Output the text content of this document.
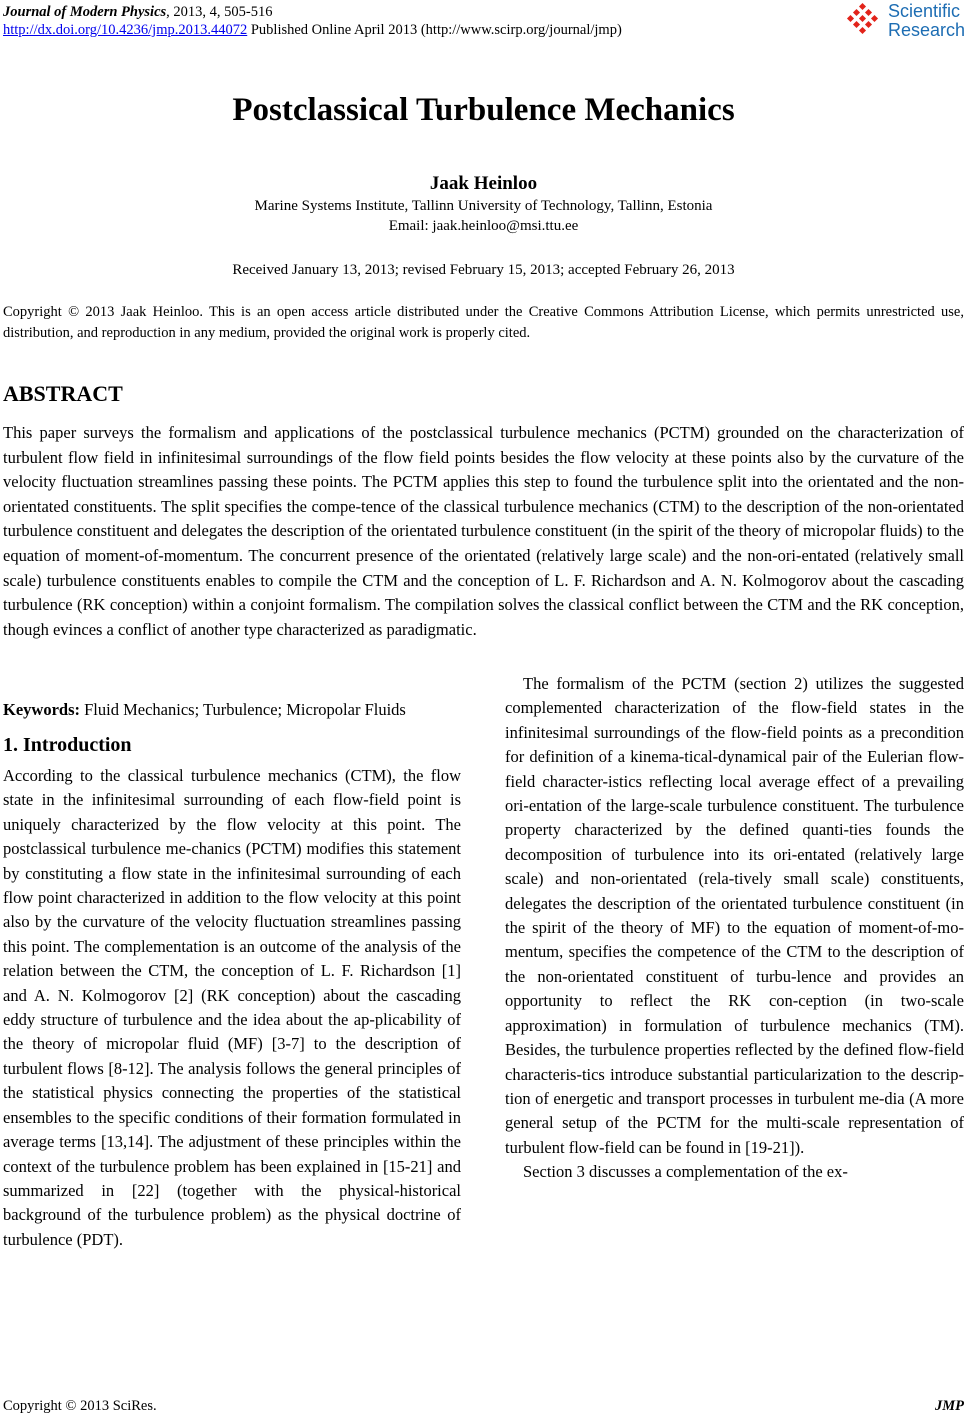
Journal of Modern Physics, 2013, 4, 505-516
http://dx.doi.org/10.4236/jmp.2013.44072 Published Online April 2013 (http://www.scirp.org/journal/jmp)
Scientific
Research
Postclassical Turbulence Mechanics
Jaak Heinloo
Marine Systems Institute, Tallinn University of Technology, Tallinn, Estonia
Email: jaak.heinloo@msi.ttu.ee
Received January 13, 2013; revised February 15, 2013; accepted February 26, 2013
Copyright © 2013 Jaak Heinloo. This is an open access article distributed under the Creative Commons Attribution License, which permits unrestricted use, distribution, and reproduction in any medium, provided the original work is properly cited.
ABSTRACT
This paper surveys the formalism and applications of the postclassical turbulence mechanics (PCTM) grounded on the characterization of turbulent flow field in infinitesimal surroundings of the flow field points besides the flow velocity at these points also by the curvature of the velocity fluctuation streamlines passing these points. The PCTM applies this step to found the turbulence split into the orientated and the non-orientated constituents. The split specifies the compe-tence of the classical turbulence mechanics (CTM) to the description of the non-orientated turbulence constituent and delegates the description of the orientated turbulence constituent (in the spirit of the theory of micropolar fluids) to the equation of moment-of-momentum. The concurrent presence of the orientated (relatively large scale) and the non-ori-entated (relatively small scale) turbulence constituents enables to compile the CTM and the conception of L. F. Richardson and A. N. Kolmogorov about the cascading turbulence (RK conception) within a conjoint formalism. The compilation solves the classical conflict between the CTM and the RK conception, though evinces a conflict of another type characterized as paradigmatic.
Keywords: Fluid Mechanics; Turbulence; Micropolar Fluids
1. Introduction

According to the classical turbulence mechanics (CTM), the flow state in the infinitesimal surrounding of each flow-field point is uniquely characterized by the flow velocity at this point. The postclassical turbulence me-chanics (PCTM) modifies this statement by constituting a flow state in the infinitesimal surrounding of each flow point characterized in addition to the flow velocity at this point also by the curvature of the velocity fluctuation streamlines passing this point. The complementation is an outcome of the analysis of the relation between the CTM, the conception of L. F. Richardson [1] and A. N. Kolmogorov [2] (RK conception) about the cascading eddy structure of turbulence and the idea about the ap-plicability of the theory of micropolar fluid (MF) [3-7] to the description of turbulent flows [8-12]. The analysis follows the general principles of the statistical physics connecting the properties of the statistical ensembles to the specific conditions of their formation formulated in average terms [13,14]. The adjustment of these principles within the context of the turbulence problem has been explained in [15-21] and summarized in [22] (together with the physical-historical background of the turbulence problem) as the physical doctrine of turbulence (PDT).

The formalism of the PCTM (section 2) utilizes the suggested complemented characterization of the flow-field states in the infinitesimal surroundings of the flow-field points as a precondition for definition of a kinema-tical-dynamical pair of the Eulerian flow-field character-istics reflecting local average effect of a prevailing ori-entation of the large-scale turbulence constituent. The turbulence property characterized by the defined quanti-ties founds the decomposition of turbulence into its ori-entated (relatively large scale) and non-orientated (rela-tively small scale) constituents, delegates the description of the orientated turbulence constituent (in the spirit of the theory of MF) to the equation of moment-of-mo-mentum, specifies the competence of the CTM to the description of the non-orientated constituent of turbu-lence and provides an opportunity to reflect the RK con-ception (in two-scale approximation) in formulation of turbulence mechanics (TM). Besides, the turbulence properties reflected by the defined flow-field characteris-tics introduce substantial particularization to the descrip-tion of energetic and transport processes in turbulent me-dia (A more general setup of the PCTM for the multi-scale representation of turbulent flow-field can be found in [19-21]).

Section 3 discusses a complementation of the ex-

Copyright © 2013 SciRes.	JMP
